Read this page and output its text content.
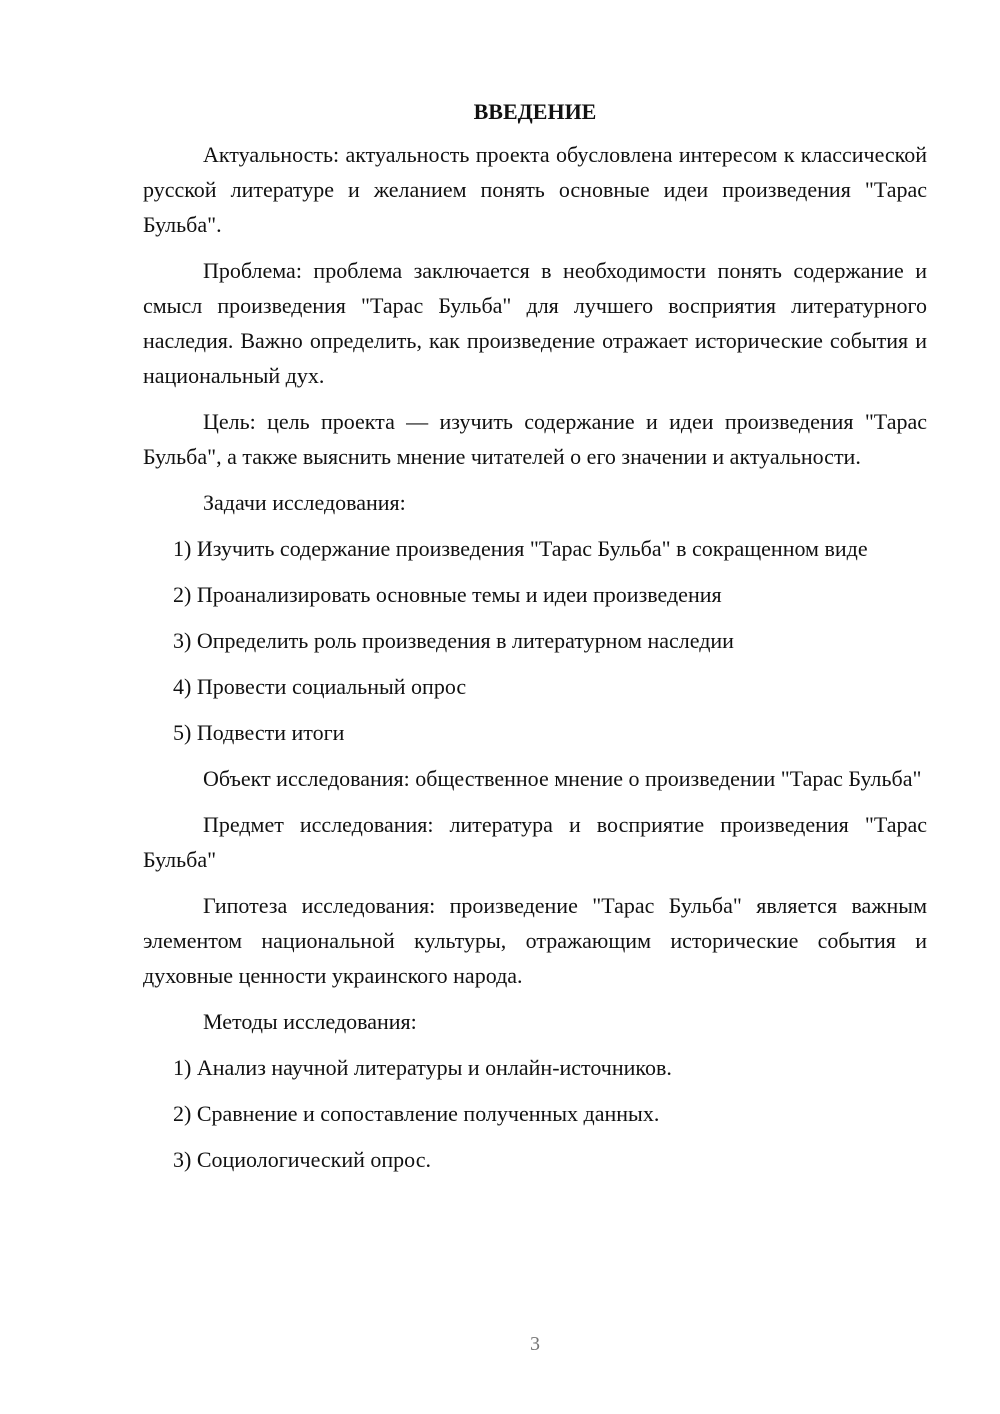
ВВЕДЕНИЕ

Актуальность: актуальность проекта обусловлена интересом к классической русской литературе и желанием понять основные идеи произведения "Тарас Бульба".

Проблема: проблема заключается в необходимости понять содержание и смысл произведения "Тарас Бульба" для лучшего восприятия литературного наследия. Важно определить, как произведение отражает исторические события и национальный дух.

Цель: цель проекта — изучить содержание и идеи произведения "Тарас Бульба", а также выяснить мнение читателей о его значении и актуальности.

Задачи исследования:

1) Изучить содержание произведения "Тарас Бульба" в сокращенном виде

2) Проанализировать основные темы и идеи произведения

3) Определить роль произведения в литературном наследии

4) Провести социальный опрос

5) Подвести итоги

Объект исследования: общественное мнение о произведении "Тарас Бульба"

Предмет исследования: литература и восприятие произведения "Тарас Бульба"

Гипотеза исследования: произведение "Тарас Бульба" является важным элементом национальной культуры, отражающим исторические события и духовные ценности украинского народа.

Методы исследования:

1) Анализ научной литературы и онлайн-источников.

2) Сравнение и сопоставление полученных данных.

3) Социологический опрос.

3
